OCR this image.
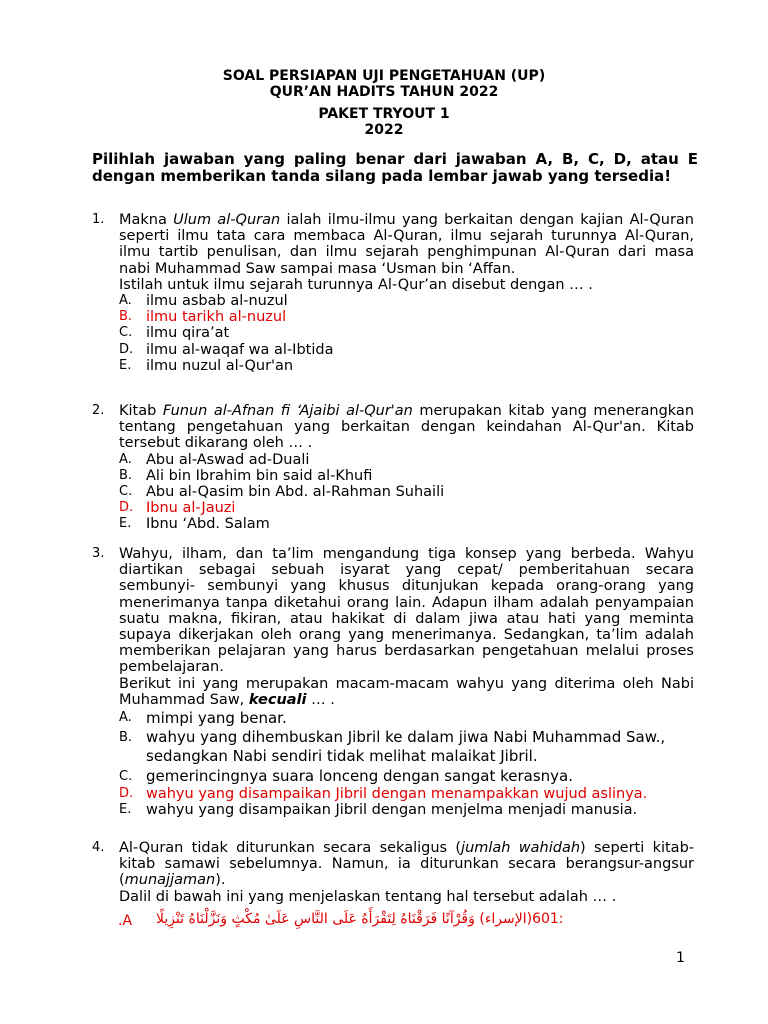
SOAL PERSIAPAN UJI PENGETAHUAN (UP)
QUR’AN HADITS TAHUN 2022
PAKET TRYOUT 1
2022
Pilihlah jawaban yang paling benar dari jawaban A, B, C, D, atau E dengan memberikan tanda silang pada lembar jawab yang tersedia!
1. Makna Ulum al-Quran ialah ilmu-ilmu yang berkaitan dengan kajian Al-Quran seperti ilmu tata cara membaca Al-Quran, ilmu sejarah turunnya Al-Quran, ilmu tartib penulisan, dan ilmu sejarah penghimpunan Al-Quran dari masa nabi Muhammad Saw sampai masa ‘Usman bin ‘Affan.

Istilah untuk ilmu sejarah turunnya Al-Qur’an disebut dengan … .

A. ilmu asbab al-nuzul
B. ilmu tarikh al-nuzul
C. ilmu qira’at
D. ilmu al-waqaf wa al-Ibtida
E. ilmu nuzul al-Qur'an
2. Kitab Funun al-Afnan fi ‘Ajaibi al-Qur'an merupakan kitab yang menerangkan tentang pengetahuan yang berkaitan dengan keindahan Al-Qur'an. Kitab tersebut dikarang oleh … .

A. Abu al-Aswad ad-Duali
B. Ali bin Ibrahim bin said al-Khufi
C. Abu al-Qasim bin Abd. al-Rahman Suhaili
D. Ibnu al-Jauzi
E. Ibnu ‘Abd. Salam
3. Wahyu, ilham, dan ta’lim mengandung tiga konsep yang berbeda. Wahyu diartikan sebagai sebuah isyarat yang cepat/ pemberitahuan secara sembunyi- sembunyi yang khusus ditunjukan kepada orang-orang yang menerimanya tanpa diketahui orang lain. Adapun ilham adalah penyampaian suatu makna, fikiran, atau hakikat di dalam jiwa atau hati yang meminta supaya dikerjakan oleh orang yang menerimanya. Sedangkan, ta’lim adalah memberikan pelajaran yang harus berdasarkan pengetahuan melalui proses pembelajaran.

Berikut ini yang merupakan macam-macam wahyu yang diterima oleh Nabi Muhammad Saw, kecuali … .

A. mimpi yang benar.
B. wahyu yang dihembuskan Jibril ke dalam jiwa Nabi Muhammad Saw., sedangkan Nabi sendiri tidak melihat malaikat Jibril.
C. gemerincingnya suara lonceng dengan sangat kerasnya.
D. wahyu yang disampaikan Jibril dengan menampakkan wujud aslinya.
E. wahyu yang disampaikan Jibril dengan menjelma menjadi manusia.
4. Al-Quran tidak diturunkan secara sekaligus (jumlah wahidah) seperti kitab-kitab samawi sebelumnya. Namun, ia diturunkan secara berangsur-angsur (munajjaman).

Dalil di bawah ini yang menjelaskan tentang hal tersebut adalah … .

.A	:106(الإسراء) وَقُرْآنًا فَرَقْنَاهُ لِتَقْرَأَهُ عَلَى النَّاسِ عَلَىٰ مُكْثٍ وَنَزَّلْنَاهُ تَنْزِيلًا
1
